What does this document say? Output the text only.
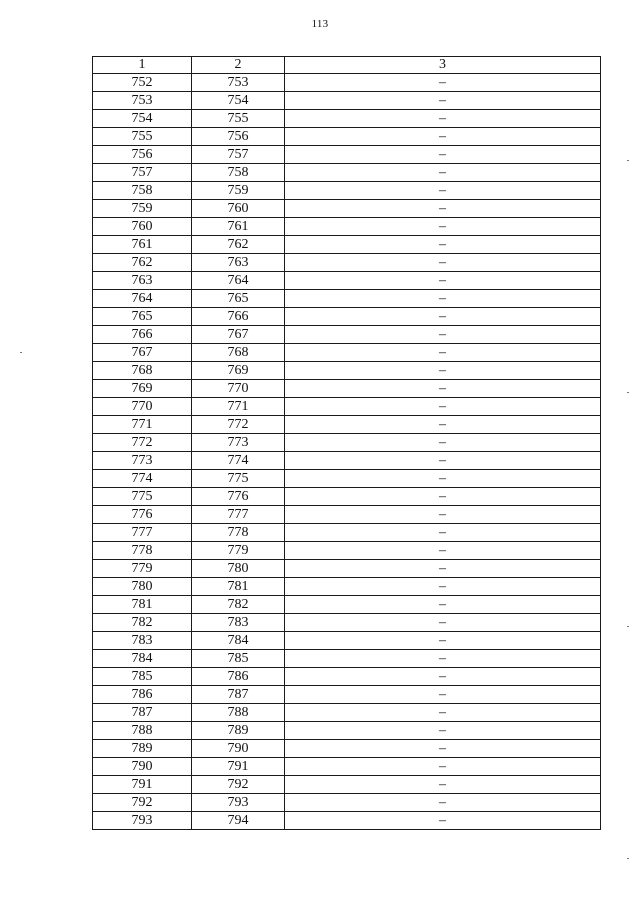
113
1	2	3
752	753	–
753	754	–
754	755	–
755	756	–
756	757	–
757	758	–
758	759	–
759	760	–
760	761	–
761	762	–
762	763	–
763	764	–
764	765	–
765	766	–
766	767	–
767	768	–
768	769	–
769	770	–
770	771	–
771	772	–
772	773	–
773	774	–
774	775	–
775	776	–
776	777	–
777	778	–
778	779	–
779	780	–
780	781	–
781	782	–
782	783	–
783	784	–
784	785	–
785	786	–
786	787	–
787	788	–
788	789	–
789	790	–
790	791	–
791	792	–
792	793	–
793	794	–
